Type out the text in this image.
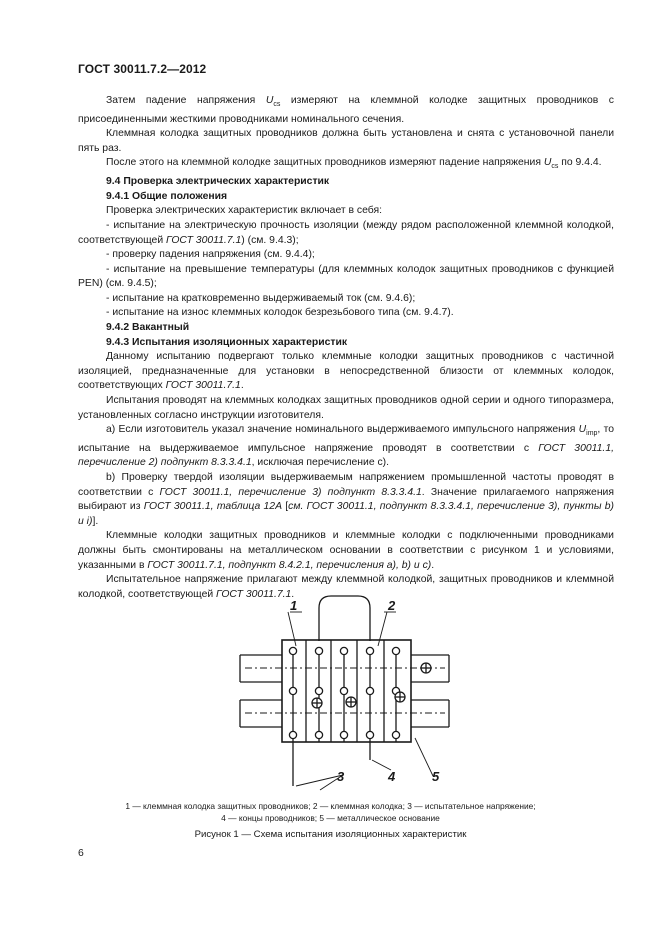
ГОСТ 30011.7.2—2012

Затем падение напряжения $U_{cs}$ измеряют на клеммной колодке защитных проводников с присоединенными жесткими проводниками номинального сечения.

Клеммная колодка защитных проводников должна быть установлена и снята с установочной панели пять раз.

После этого на клеммной колодке защитных проводников измеряют падение напряжения $U_{cs}$ по 9.4.4.

9.4 Проверка электрических характеристик

9.4.1 Общие положения

Проверка электрических характеристик включает в себя:

- испытание на электрическую прочность изоляции (между рядом расположенной клеммной колодкой, соответствующей ГОСТ 30011.7.1) (см. 9.4.3);

- проверку падения напряжения (см. 9.4.4);

- испытание на превышение температуры (для клеммных колодок защитных проводников с функцией PEN) (см. 9.4.5);

- испытание на кратковременно выдерживаемый ток (см. 9.4.6);

- испытание на износ клеммных колодок безрезьбового типа (см. 9.4.7).

9.4.2 Вакантный

9.4.3 Испытания изоляционных характеристик

Данному испытанию подвергают только клеммные колодки защитных проводников с частичной изоляцией, предназначенные для установки в непосредственной близости от клеммных колодок, соответствующих ГОСТ 30011.7.1.

Испытания проводят на клеммных колодках защитных проводников одной серии и одного типоразмера, установленных согласно инструкции изготовителя.

а) Если изготовитель указал значение номинального выдерживаемого импульсного напряжения $U_{imp}$, то испытание на выдерживаемое импульсное напряжение проводят в соответствии с ГОСТ 30011.1, перечисление 2) подпункт 8.3.3.4.1, исключая перечисление с).

b) Проверку твердой изоляции выдерживаемым напряжением промышленной частоты проводят в соответствии с ГОСТ 30011.1, перечисление 3) подпункт 8.3.3.4.1. Значение прилагаемого напряжения выбирают из ГОСТ 30011.1, таблица 12А [см. ГОСТ 30011.1, подпункт 8.3.3.4.1, перечисление 3), пункты b) и i)].

Клеммные колодки защитных проводников и клеммные колодки с подключенными проводниками должны быть смонтированы на металлическом основании в соответствии с рисунком 1 и условиями, указанными в ГОСТ 30011.7.1, подпункт 8.4.2.1, перечисления а), b) и с).

Испытательное напряжение прилагают между клеммной колодкой, защитных проводников и клеммной колодкой, соответствующей ГОСТ 30011.7.1.

1	2
3	4	5
1 — клеммная колодка защитных проводников; 2 — клеммная колодка; 3 — испытательное напряжение;
4 — концы проводников; 5 — металлическое основание
Рисунок 1 — Схема испытания изоляционных характеристик
6
